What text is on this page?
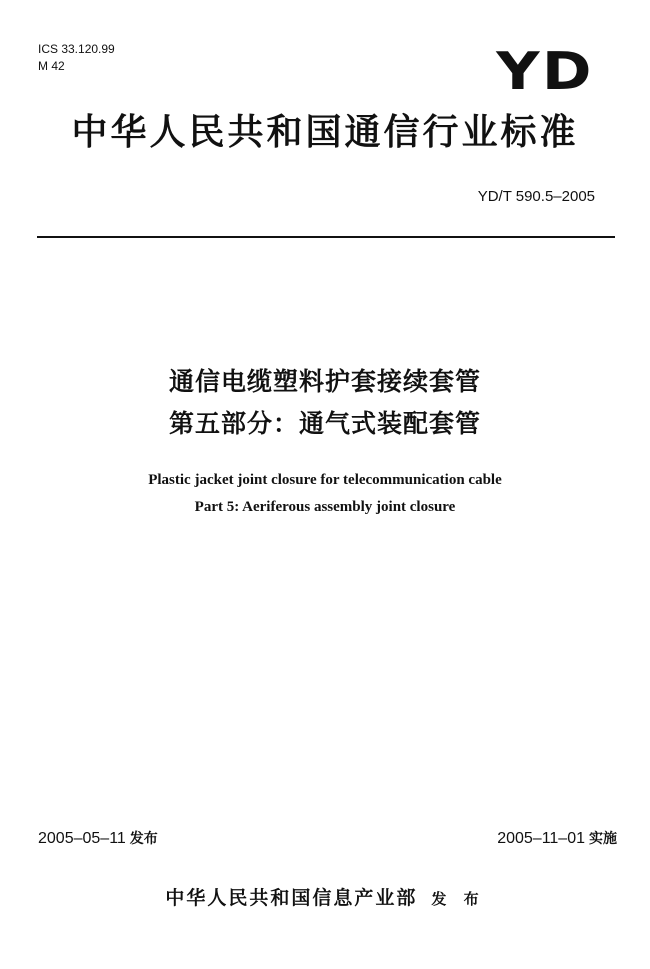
ICS 33.120.99
M 42	YD
中华人民共和国通信行业标准
YD/T 590.5–2005
通信电缆塑料护套接续套管
第五部分：通气式装配套管
Plastic jacket joint closure for telecommunication cable
Part 5: Aeriferous assembly joint closure
2005–05–11 发布	2005–11–01 实施
中华人民共和国信息产业部 发 布
